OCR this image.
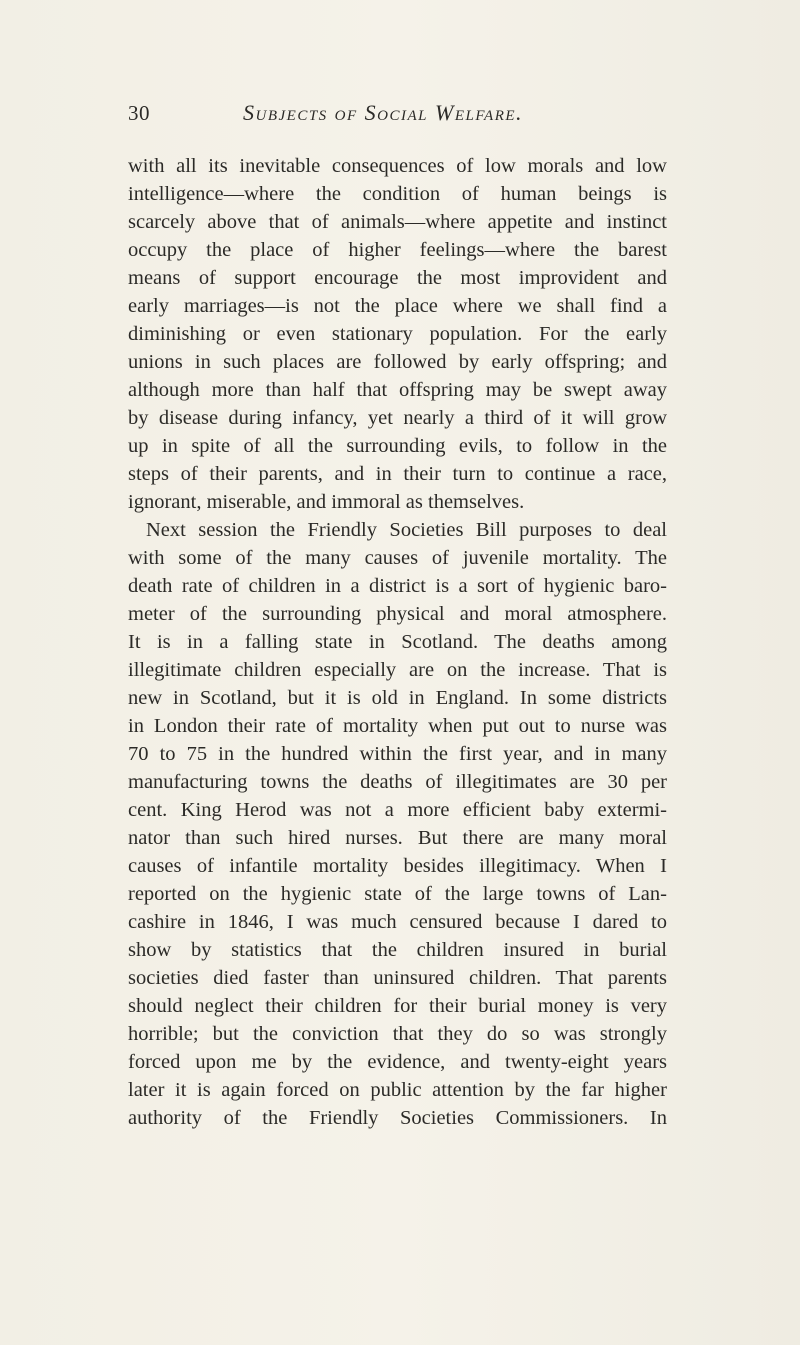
30	Subjects of Social Welfare.
with all its inevitable consequences of low morals and low
intelligence—where the condition of human beings is
scarcely above that of animals—where appetite and instinct
occupy the place of higher feelings—where the barest
means of support encourage the most improvident and
early marriages—is not the place where we shall find a
diminishing or even stationary population. For the early
unions in such places are followed by early offspring; and
although more than half that offspring may be swept away
by disease during infancy, yet nearly a third of it will grow
up in spite of all the surrounding evils, to follow in the
steps of their parents, and in their turn to continue a race,
ignorant, miserable, and immoral as themselves.
Next session the Friendly Societies Bill purposes to deal
with some of the many causes of juvenile mortality. The
death rate of children in a district is a sort of hygienic baro-
meter of the surrounding physical and moral atmosphere.
It is in a falling state in Scotland. The deaths among
illegitimate children especially are on the increase. That is
new in Scotland, but it is old in England. In some districts
in London their rate of mortality when put out to nurse was
70 to 75 in the hundred within the first year, and in many
manufacturing towns the deaths of illegitimates are 30 per
cent. King Herod was not a more efficient baby extermi-
nator than such hired nurses. But there are many moral
causes of infantile mortality besides illegitimacy. When I
reported on the hygienic state of the large towns of Lan-
cashire in 1846, I was much censured because I dared to
show by statistics that the children insured in burial
societies died faster than uninsured children. That parents
should neglect their children for their burial money is very
horrible; but the conviction that they do so was strongly
forced upon me by the evidence, and twenty-eight years
later it is again forced on public attention by the far higher
authority of the Friendly Societies Commissioners. In
